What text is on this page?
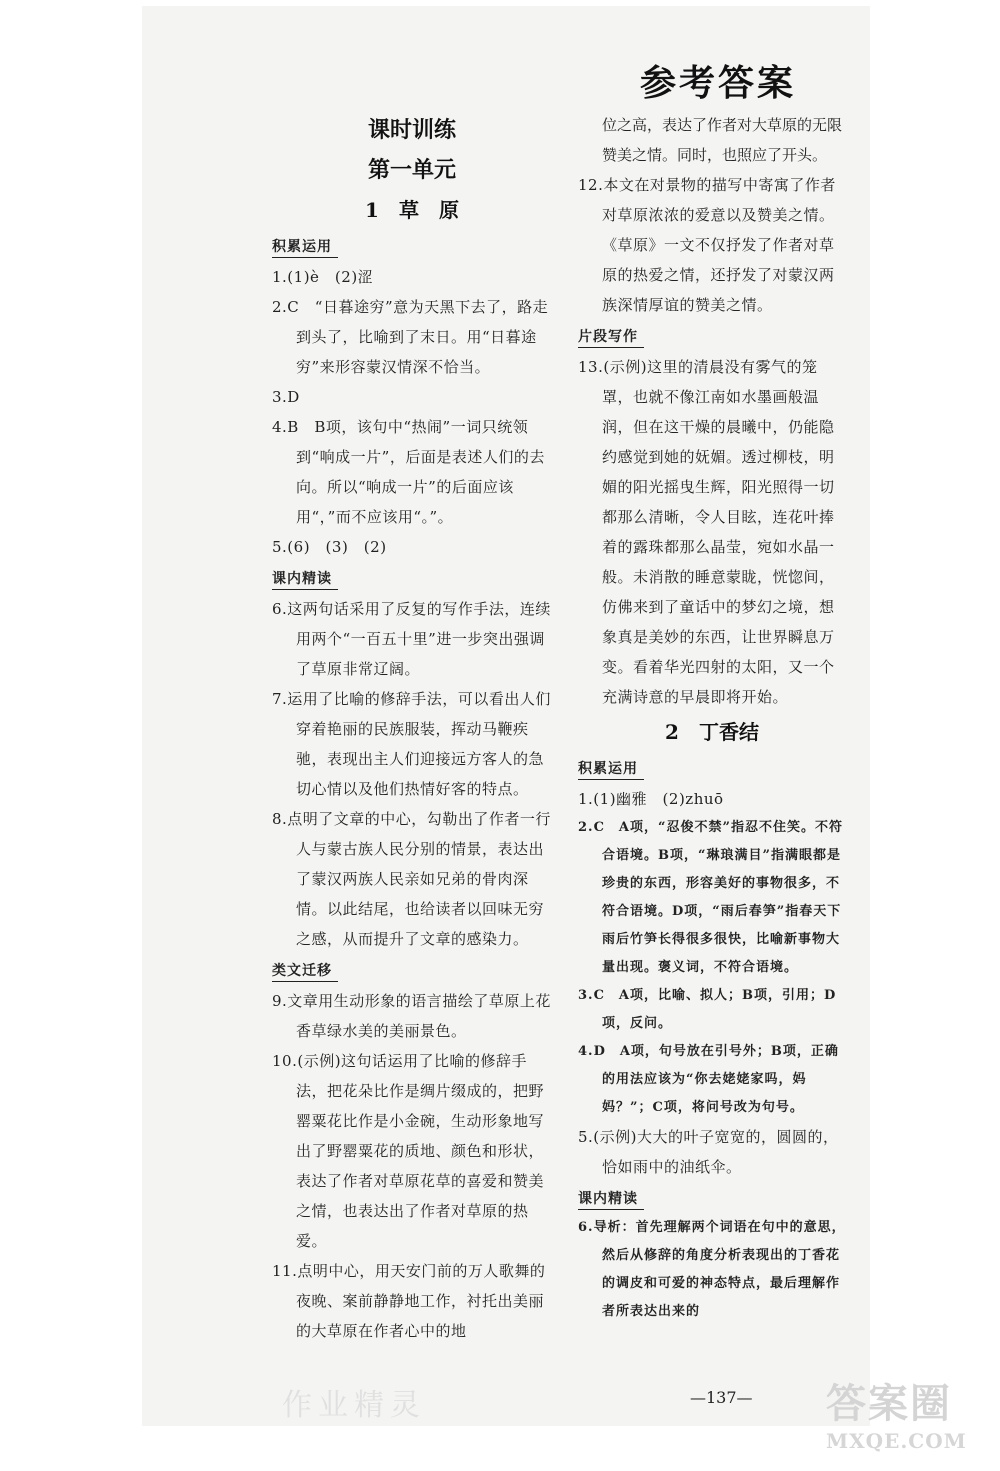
参考答案
课时训练
第一单元
1　草　原
积累运用
1.(1)è　(2)涩
2.C　“日暮途穷”意为天黑下去了，路走到头了，比喻到了末日。用“日暮途穷”来形容蒙汉情深不恰当。
3.D
4.B　B项，该句中“热闹”一词只统领到“响成一片”，后面是表述人们的去向。所以“响成一片”的后面应该用“，”而不应该用“。”。
5.(6)　(3)　(2)
课内精读
6.这两句话采用了反复的写作手法，连续用两个“一百五十里”进一步突出强调了草原非常辽阔。
7.运用了比喻的修辞手法，可以看出人们穿着艳丽的民族服装，挥动马鞭疾驰，表现出主人们迎接远方客人的急切心情以及他们热情好客的特点。
8.点明了文章的中心，勾勒出了作者一行人与蒙古族人民分别的情景，表达出了蒙汉两族人民亲如兄弟的骨肉深情。以此结尾，也给读者以回味无穷之感，从而提升了文章的感染力。
类文迁移
9.文章用生动形象的语言描绘了草原上花香草绿水美的美丽景色。
10.(示例)这句话运用了比喻的修辞手法，把花朵比作是绸片缀成的，把野罂粟花比作是小金碗，生动形象地写出了野罂粟花的质地、颜色和形状，表达了作者对草原花草的喜爱和赞美之情，也表达出了作者对草原的热爱。
11.点明中心，用天安门前的万人歌舞的夜晚、案前静静地工作，衬托出美丽的大草原在作者心中的地
位之高，表达了作者对大草原的无限赞美之情。同时，也照应了开头。
12.本文在对景物的描写中寄寓了作者对草原浓浓的爱意以及赞美之情。《草原》一文不仅抒发了作者对草原的热爱之情，还抒发了对蒙汉两族深情厚谊的赞美之情。
片段写作
13.(示例)这里的清晨没有雾气的笼罩，也就不像江南如水墨画般温润，但在这干燥的晨曦中，仍能隐约感觉到她的妩媚。透过柳枝，明媚的阳光摇曳生辉，阳光照得一切都那么清晰，令人目眩，连花叶捧着的露珠都那么晶莹，宛如水晶一般。未消散的睡意蒙眬，恍惚间，仿佛来到了童话中的梦幻之境，想象真是美妙的东西，让世界瞬息万变。看着华光四射的太阳，又一个充满诗意的早晨即将开始。
2　丁香结
积累运用
1.(1)幽雅　(2)zhuō
2.C　A项，“忍俊不禁”指忍不住笑。不符合语境。B项，“琳琅满目”指满眼都是珍贵的东西，形容美好的事物很多，不符合语境。D项，“雨后春笋”指春天下雨后竹笋长得很多很快，比喻新事物大量出现。褒义词，不符合语境。
3.C　A项，比喻、拟人；B项，引用；D项，反问。
4.D　A项，句号放在引号外；B项，正确的用法应该为“你去姥姥家吗，妈妈？”；C项，将问号改为句号。
5.(示例)大大的叶子宽宽的，圆圆的，恰如雨中的油纸伞。
课内精读
6.导析：首先理解两个词语在句中的意思，然后从修辞的角度分析表现出的丁香花的调皮和可爱的神态特点，最后理解作者所表达出来的
—137—
作业精灵	答案圈
MXQE.COM
